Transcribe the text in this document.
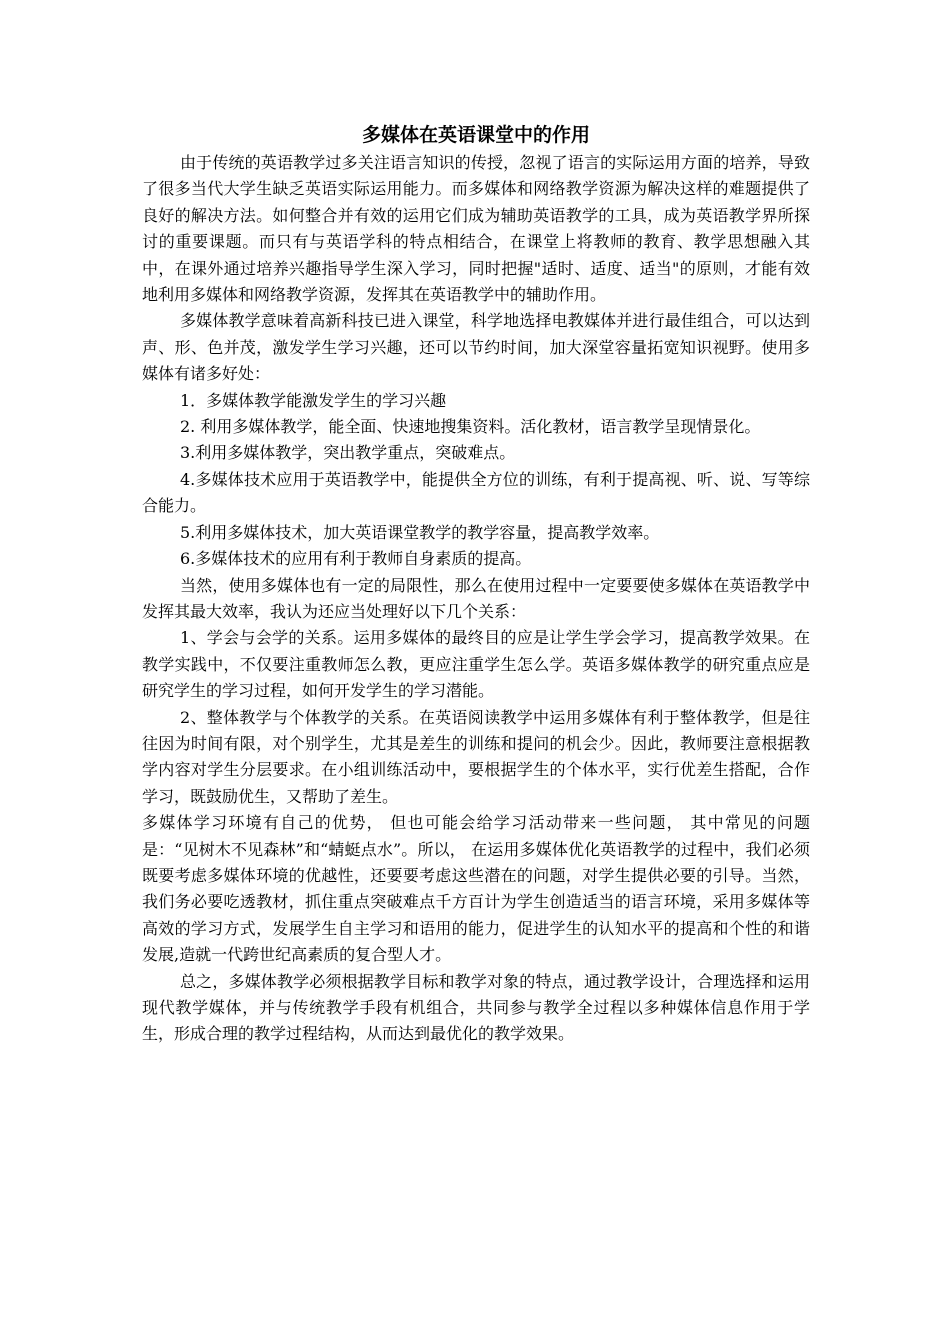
多媒体在英语课堂中的作用

由于传统的英语教学过多关注语言知识的传授，忽视了语言的实际运用方面的培养，导致了很多当代大学生缺乏英语实际运用能力。而多媒体和网络教学资源为解决这样的难题提供了良好的解决方法。如何整合并有效的运用它们成为辅助英语教学的工具，成为英语教学界所探讨的重要课题。而只有与英语学科的特点相结合，在课堂上将教师的教育、教学思想融入其中，在课外通过培养兴趣指导学生深入学习，同时把握"适时、适度、适当"的原则，才能有效地利用多媒体和网络教学资源，发挥其在英语教学中的辅助作用。

多媒体教学意味着高新科技已进入课堂，科学地选择电教媒体并进行最佳组合，可以达到声、形、色并茂，激发学生学习兴趣，还可以节约时间，加大深堂容量拓宽知识视野。使用多媒体有诸多好处：

1．多媒体教学能激发学生的学习兴趣

2. 利用多媒体教学，能全面、快速地搜集资料。活化教材，语言教学呈现情景化。

3.利用多媒体教学，突出教学重点，突破难点。

4.多媒体技术应用于英语教学中，能提供全方位的训练，有利于提高视、听、说、写等综合能力。

5.利用多媒体技术，加大英语课堂教学的教学容量，提高教学效率。

6.多媒体技术的应用有利于教师自身素质的提高。

当然，使用多媒体也有一定的局限性，那么在使用过程中一定要要使多媒体在英语教学中发挥其最大效率，我认为还应当处理好以下几个关系：

1、学会与会学的关系。运用多媒体的最终目的应是让学生学会学习，提高教学效果。在教学实践中，不仅要注重教师怎么教，更应注重学生怎么学。英语多媒体教学的研究重点应是研究学生的学习过程，如何开发学生的学习潜能。

2、整体教学与个体教学的关系。在英语阅读教学中运用多媒体有利于整体教学，但是往往因为时间有限，对个别学生，尤其是差生的训练和提问的机会少。因此，教师要注意根据教学内容对学生分层要求。在小组训练活动中，要根据学生的个体水平，实行优差生搭配，合作学习，既鼓励优生，又帮助了差生。

多媒体学习环境有自己的优势， 但也可能会给学习活动带来一些问题， 其中常见的问题是：“见树木不见森林”和“蜻蜓点水”。所以， 在运用多媒体优化英语教学的过程中，我们必须既要考虑多媒体环境的优越性，还要要考虑这些潜在的问题，对学生提供必要的引导。当然，我们务必要吃透教材，抓住重点突破难点千方百计为学生创造适当的语言环境，采用多媒体等高效的学习方式，发展学生自主学习和语用的能力，促进学生的认知水平的提高和个性的和谐发展,造就一代跨世纪高素质的复合型人才。

总之，多媒体教学必须根据教学目标和教学对象的特点，通过教学设计，合理选择和运用现代教学媒体，并与传统教学手段有机组合，共同参与教学全过程以多种媒体信息作用于学生，形成合理的教学过程结构，从而达到最优化的教学效果。
